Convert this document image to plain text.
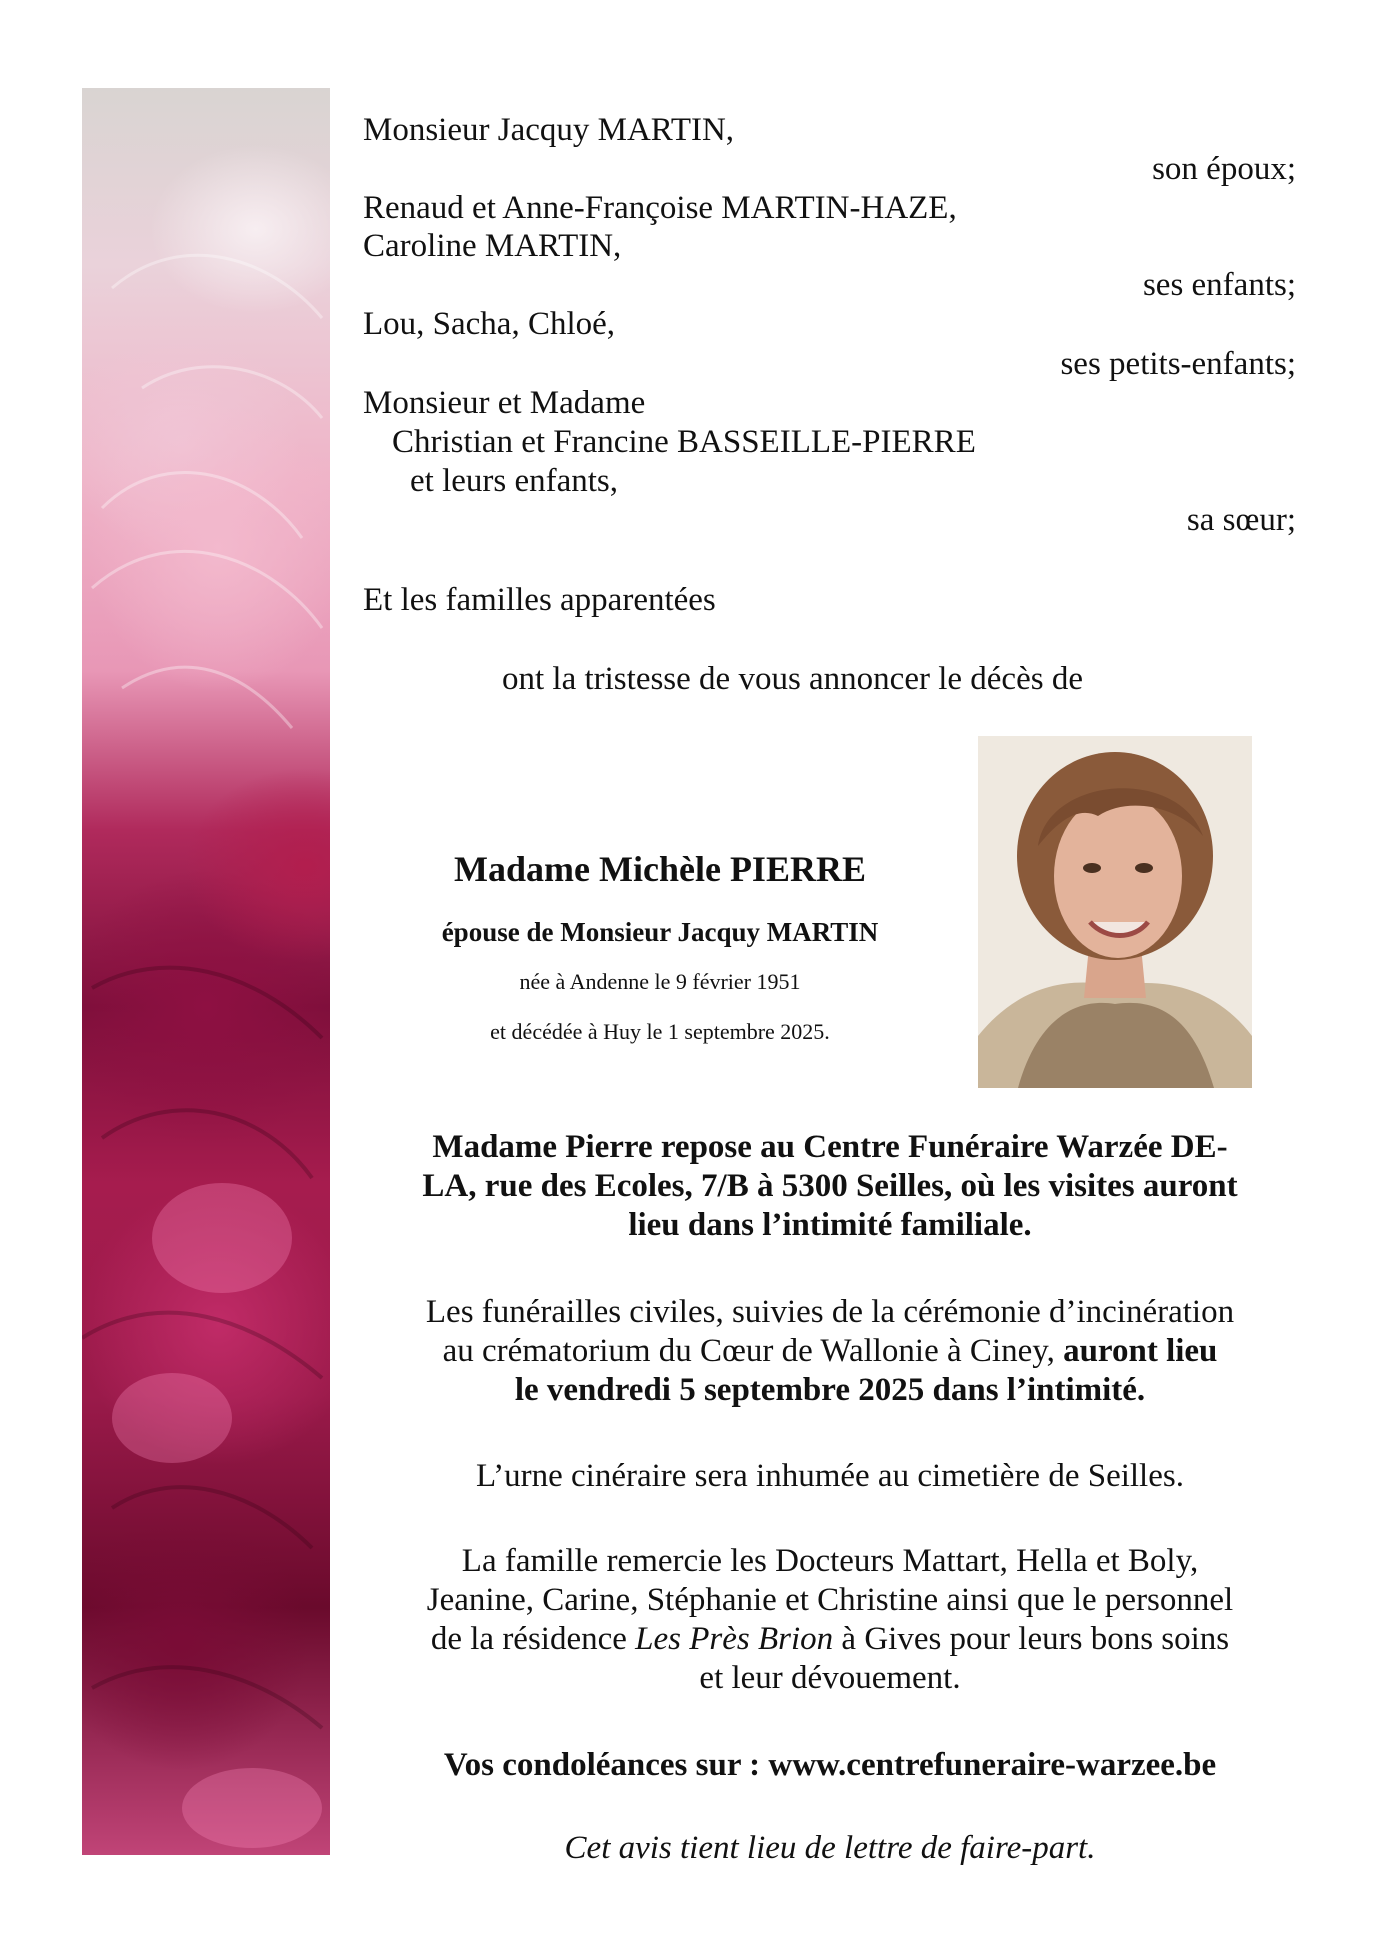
Monsieur Jacquy MARTIN,
son époux;
Renaud et Anne-Françoise MARTIN-HAZE,
Caroline MARTIN,
ses enfants;
Lou, Sacha, Chloé,
ses petits-enfants;
Monsieur et Madame
Christian et Francine BASSEILLE-PIERRE
et leurs enfants,
sa sœur;
Et les familles apparentées
ont la tristesse de vous annoncer le décès de
Madame Michèle PIERRE
épouse de Monsieur Jacquy MARTIN
née à Andenne le 9 février 1951
et décédée à Huy le 1 septembre 2025.
Madame Pierre repose au Centre Funéraire Warzée DE-
LA, rue des Ecoles, 7/B à 5300 Seilles, où les visites auront
lieu dans l’intimité familiale.
Les funérailles civiles, suivies de la cérémonie d’incinération
au crématorium du Cœur de Wallonie à Ciney, auront lieu
le vendredi 5 septembre 2025 dans l’intimité.
L’urne cinéraire sera inhumée au cimetière de Seilles.
La famille remercie les Docteurs Mattart, Hella et Boly,
Jeanine, Carine, Stéphanie et Christine ainsi que le personnel
de la résidence Les Près Brion à Gives pour leurs bons soins
et leur dévouement.
Vos condoléances sur : www.centrefuneraire-warzee.be
Cet avis tient lieu de lettre de faire-part.
